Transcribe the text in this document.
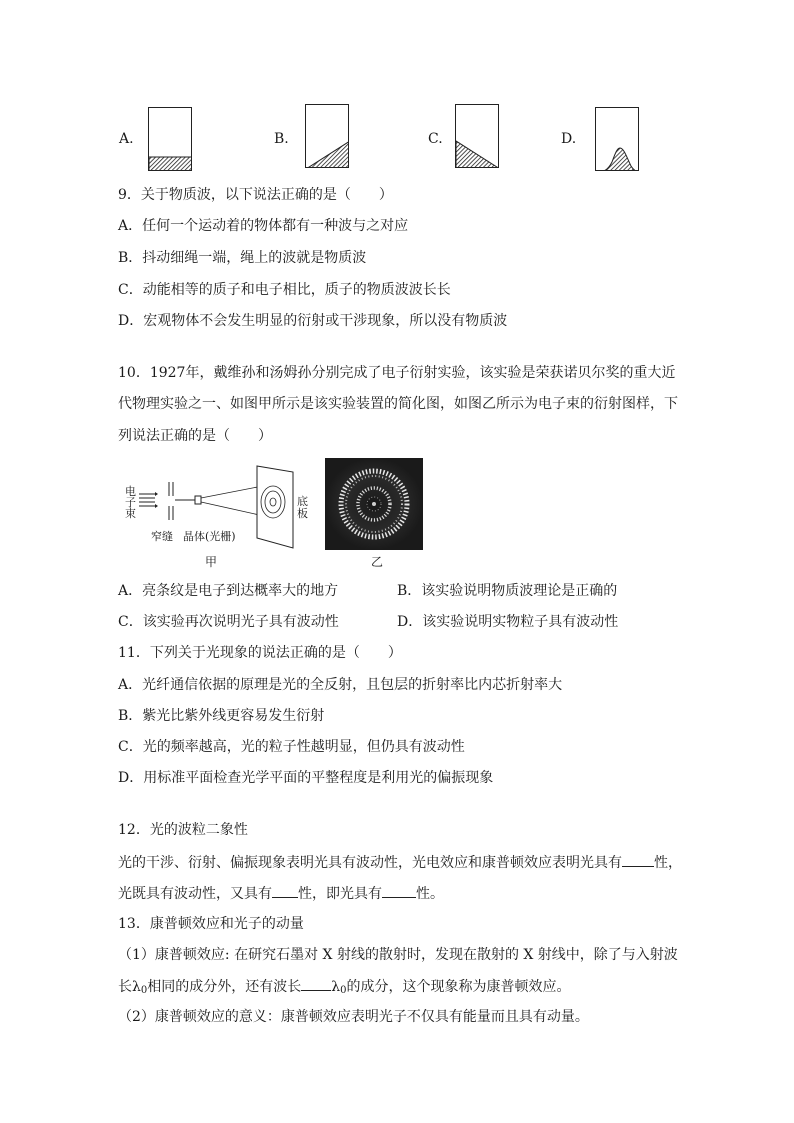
A.	B.	C.	D.
9．关于物质波，以下说法正确的是（　　）
A．任何一个运动着的物体都有一种波与之对应
B．抖动细绳一端，绳上的波就是物质波
C．动能相等的质子和电子相比，质子的物质波波长长
D．宏观物体不会发生明显的衍射或干涉现象，所以没有物质波
10．1927年，戴维孙和汤姆孙分别完成了电子衍射实验，该实验是荣获诺贝尔奖的重大近
代物理实验之一、如图甲所示是该实验装置的简化图，如图乙所示为电子束的衍射图样，下
列说法正确的是（　　）
电子束
窄缝 晶体(光栅)
底板
甲	乙
A．亮条纹是电子到达概率大的地方	B．该实验说明物质波理论是正确的
C．该实验再次说明光子具有波动性	D．该实验说明实物粒子具有波动性
11．下列关于光现象的说法正确的是（　　）
A．光纤通信依据的原理是光的全反射，且包层的折射率比内芯折射率大
B．紫光比紫外线更容易发生衍射
C．光的频率越高，光的粒子性越明显，但仍具有波动性
D．用标准平面检查光学平面的平整程度是利用光的偏振现象
12．光的波粒二象性
光的干涉、衍射、偏振现象表明光具有波动性，光电效应和康普顿效应表明光具有 性，
光既具有波动性，又具有 性，即光具有 性。
13．康普顿效应和光子的动量
（1）康普顿效应: 在研究石墨对 X 射线的散射时，发现在散射的 X 射线中，除了与入射波
长$\lambda_0$相同的成分外，还有波长 $\lambda_0$的成分，这个现象称为康普顿效应。
（2）康普顿效应的意义：康普顿效应表明光子不仅具有能量而且具有动量。
